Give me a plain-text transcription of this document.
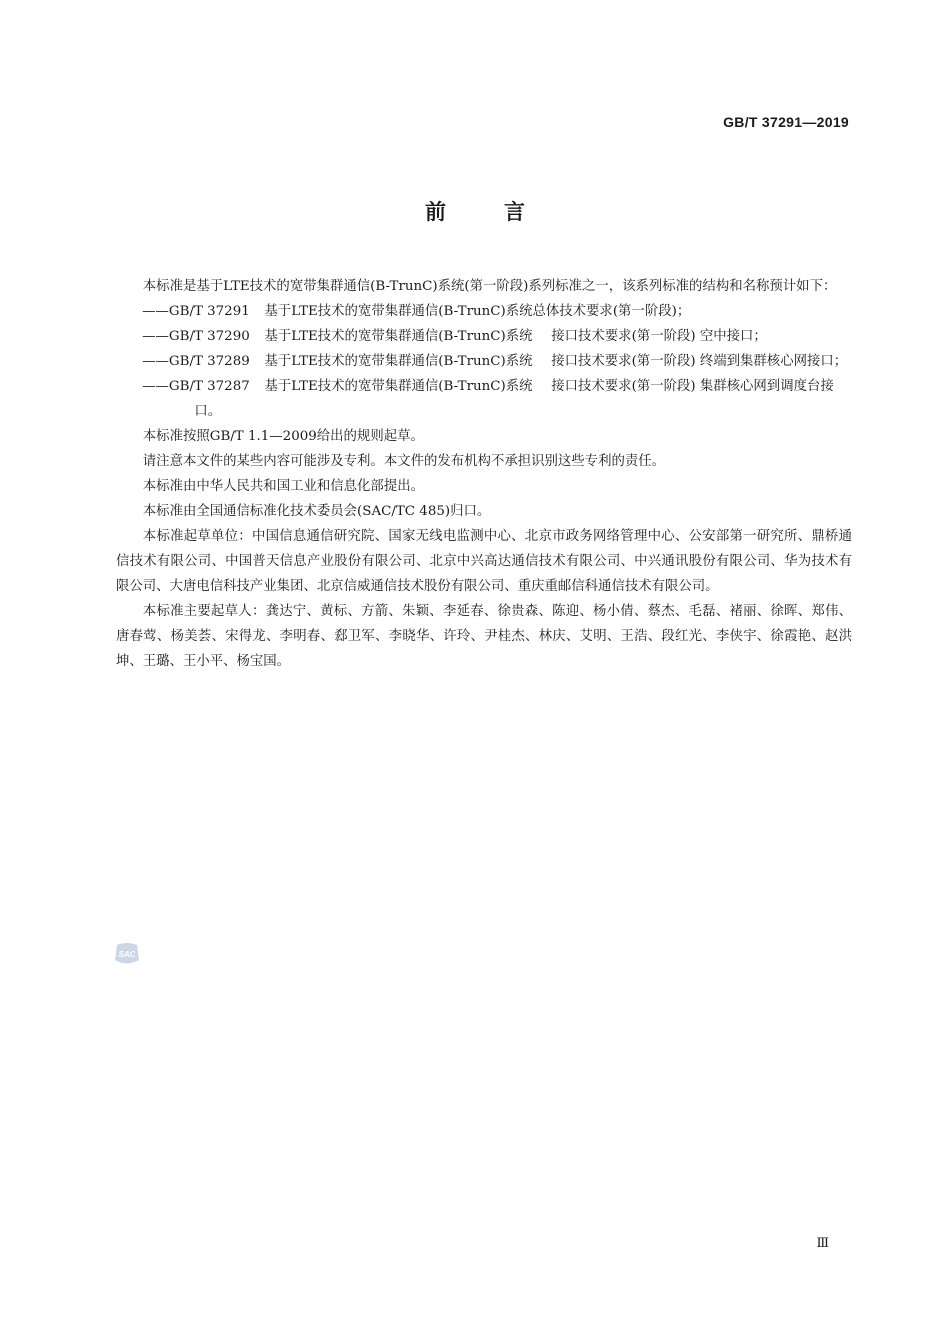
GB/T 37291—2019
前言

本标准是基于LTE技术的宽带集群通信(B-TrunC)系统(第一阶段)系列标准之一，该系列标准的结构和名称预计如下：

——GB/T 37291 基于LTE技术的宽带集群通信(B-TrunC)系统总体技术要求(第一阶段)；

——GB/T 37290 基于LTE技术的宽带集群通信(B-TrunC)系统 接口技术要求(第一阶段) 空中接口；

——GB/T 37289 基于LTE技术的宽带集群通信(B-TrunC)系统 接口技术要求(第一阶段) 终端到集群核心网接口；

——GB/T 37287 基于LTE技术的宽带集群通信(B-TrunC)系统 接口技术要求(第一阶段) 集群核心网到调度台接口。

本标准按照GB/T 1.1—2009给出的规则起草。

请注意本文件的某些内容可能涉及专利。本文件的发布机构不承担识别这些专利的责任。

本标准由中华人民共和国工业和信息化部提出。

本标准由全国通信标准化技术委员会(SAC/TC 485)归口。

本标准起草单位：中国信息通信研究院、国家无线电监测中心、北京市政务网络管理中心、公安部第一研究所、鼎桥通信技术有限公司、中国普天信息产业股份有限公司、北京中兴高达通信技术有限公司、中兴通讯股份有限公司、华为技术有限公司、大唐电信科技产业集团、北京信威通信技术股份有限公司、重庆重邮信科通信技术有限公司。

本标准主要起草人：龚达宁、黄标、方箭、朱颖、李延春、徐贵森、陈迎、杨小倩、蔡杰、毛磊、褚丽、徐晖、郑伟、唐春莺、杨美荟、宋得龙、李明春、郄卫军、李晓华、许玲、尹桂杰、林庆、艾明、王浩、段红光、李侠宇、徐霞艳、赵洪坤、王璐、王小平、杨宝国。

SAC
Ⅲ
